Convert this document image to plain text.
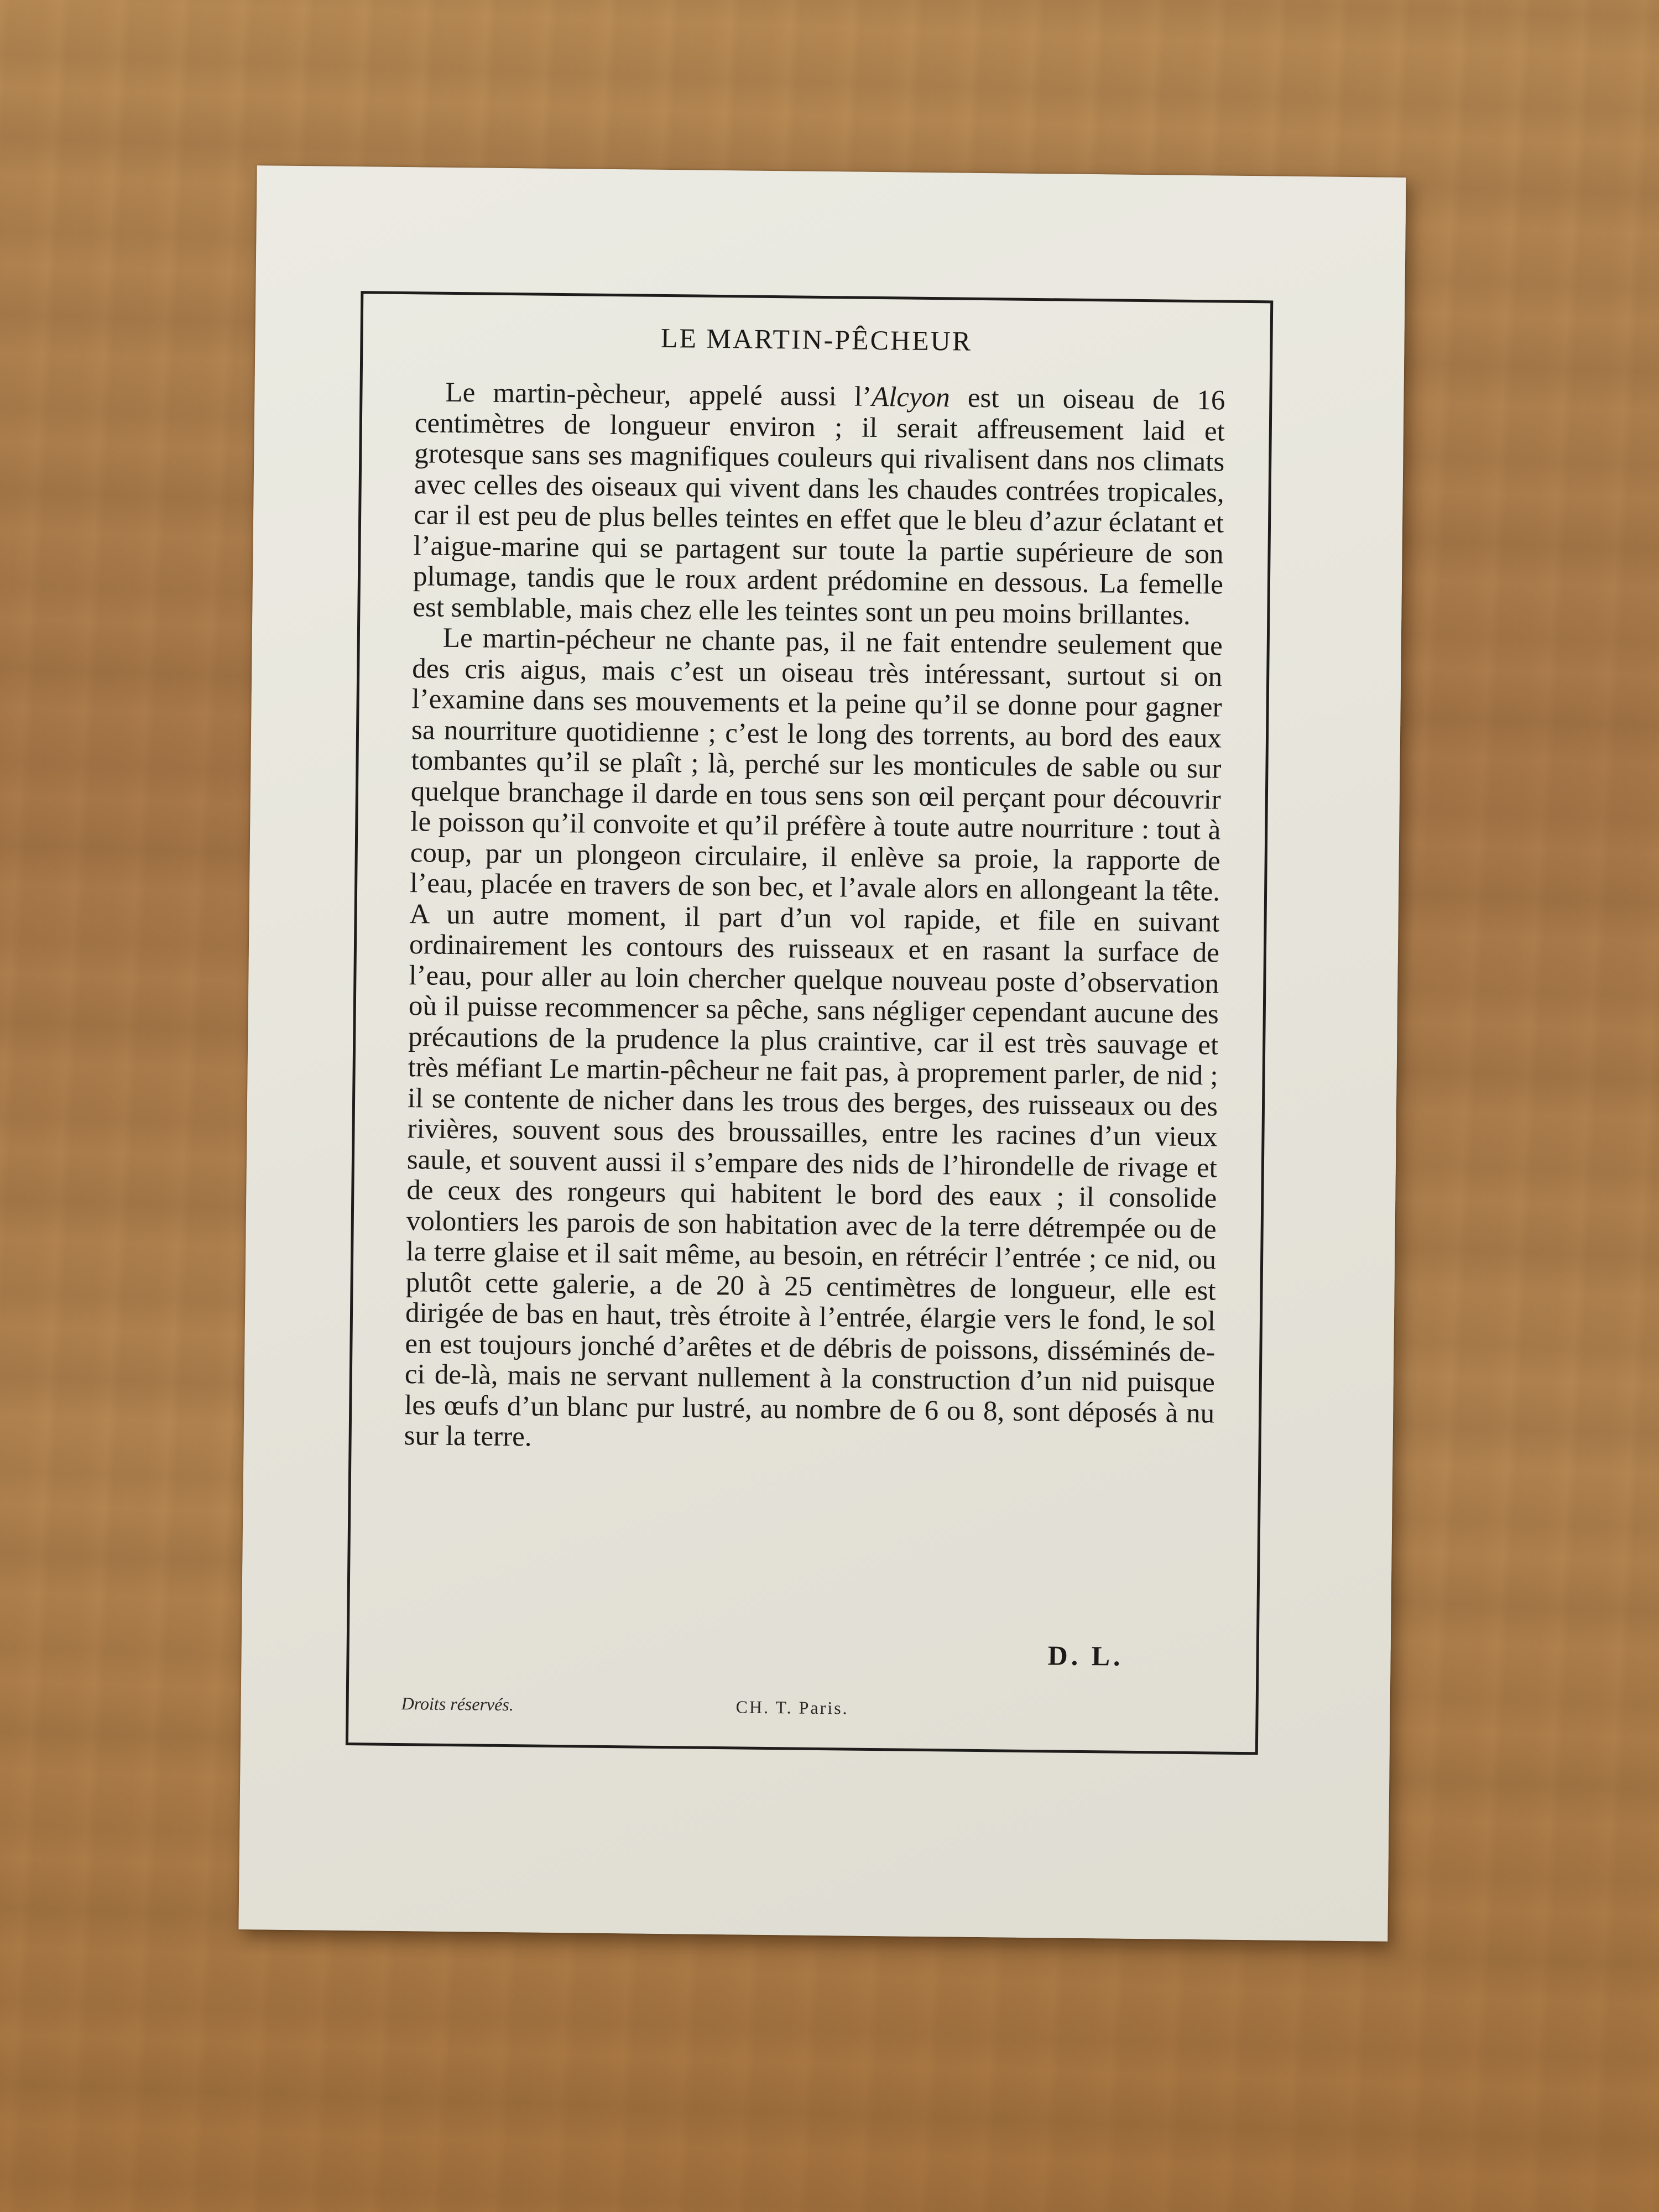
LE MARTIN-PÊCHEUR

Le martin-pècheur, appelé aussi l’Alcyon est un oiseau de 16 centimètres de longueur environ ; il serait affreusement laid et grotesque sans ses magnifiques couleurs qui rivalisent dans nos climats avec celles des oiseaux qui vivent dans les chaudes contrées tropicales, car il est peu de plus belles teintes en effet que le bleu d’azur éclatant et l’aigue-marine qui se partagent sur toute la partie supérieure de son plumage, tandis que le roux ardent prédomine en dessous. La femelle est semblable, mais chez elle les teintes sont un peu moins brillantes.

Le martin-pécheur ne chante pas, il ne fait entendre seulement que des cris aigus, mais c’est un oiseau très intéressant, surtout si on l’examine dans ses mouvements et la peine qu’il se donne pour gagner sa nourriture quotidienne ; c’est le long des torrents, au bord des eaux tombantes qu’il se plaît ; là, perché sur les monticules de sable ou sur quelque branchage il darde en tous sens son œil perçant pour découvrir le poisson qu’il convoite et qu’il préfère à toute autre nourriture : tout à coup, par un plongeon circulaire, il enlève sa proie, la rapporte de l’eau, placée en travers de son bec, et l’avale alors en allongeant la tête. A un autre moment, il part d’un vol rapide, et file en suivant ordinairement les contours des ruisseaux et en rasant la surface de l’eau, pour aller au loin chercher quelque nouveau poste d’observation où il puisse recommencer sa pêche, sans négliger cependant aucune des précautions de la prudence la plus craintive, car il est très sauvage et très méfiant Le martin-pêcheur ne fait pas, à proprement parler, de nid ; il se contente de nicher dans les trous des berges, des ruisseaux ou des rivières, souvent sous des broussailles, entre les racines d’un vieux saule, et souvent aussi il s’empare des nids de l’hirondelle de rivage et de ceux des rongeurs qui habitent le bord des eaux ; il consolide volontiers les parois de son habitation avec de la terre détrempée ou de la terre glaise et il sait même, au besoin, en rétrécir l’entrée ; ce nid, ou plutôt cette galerie, a de 20 à 25 centimètres de longueur, elle est dirigée de bas en haut, très étroite à l’entrée, élargie vers le fond, le sol en est toujours jonché d’arêtes et de débris de poissons, disséminés de-ci de-là, mais ne servant nullement à la construction d’un nid puisque les œufs d’un blanc pur lustré, au nombre de 6 ou 8, sont déposés à nu sur la terre.

D. L.
Droits réservés.	CH. T. Paris.
